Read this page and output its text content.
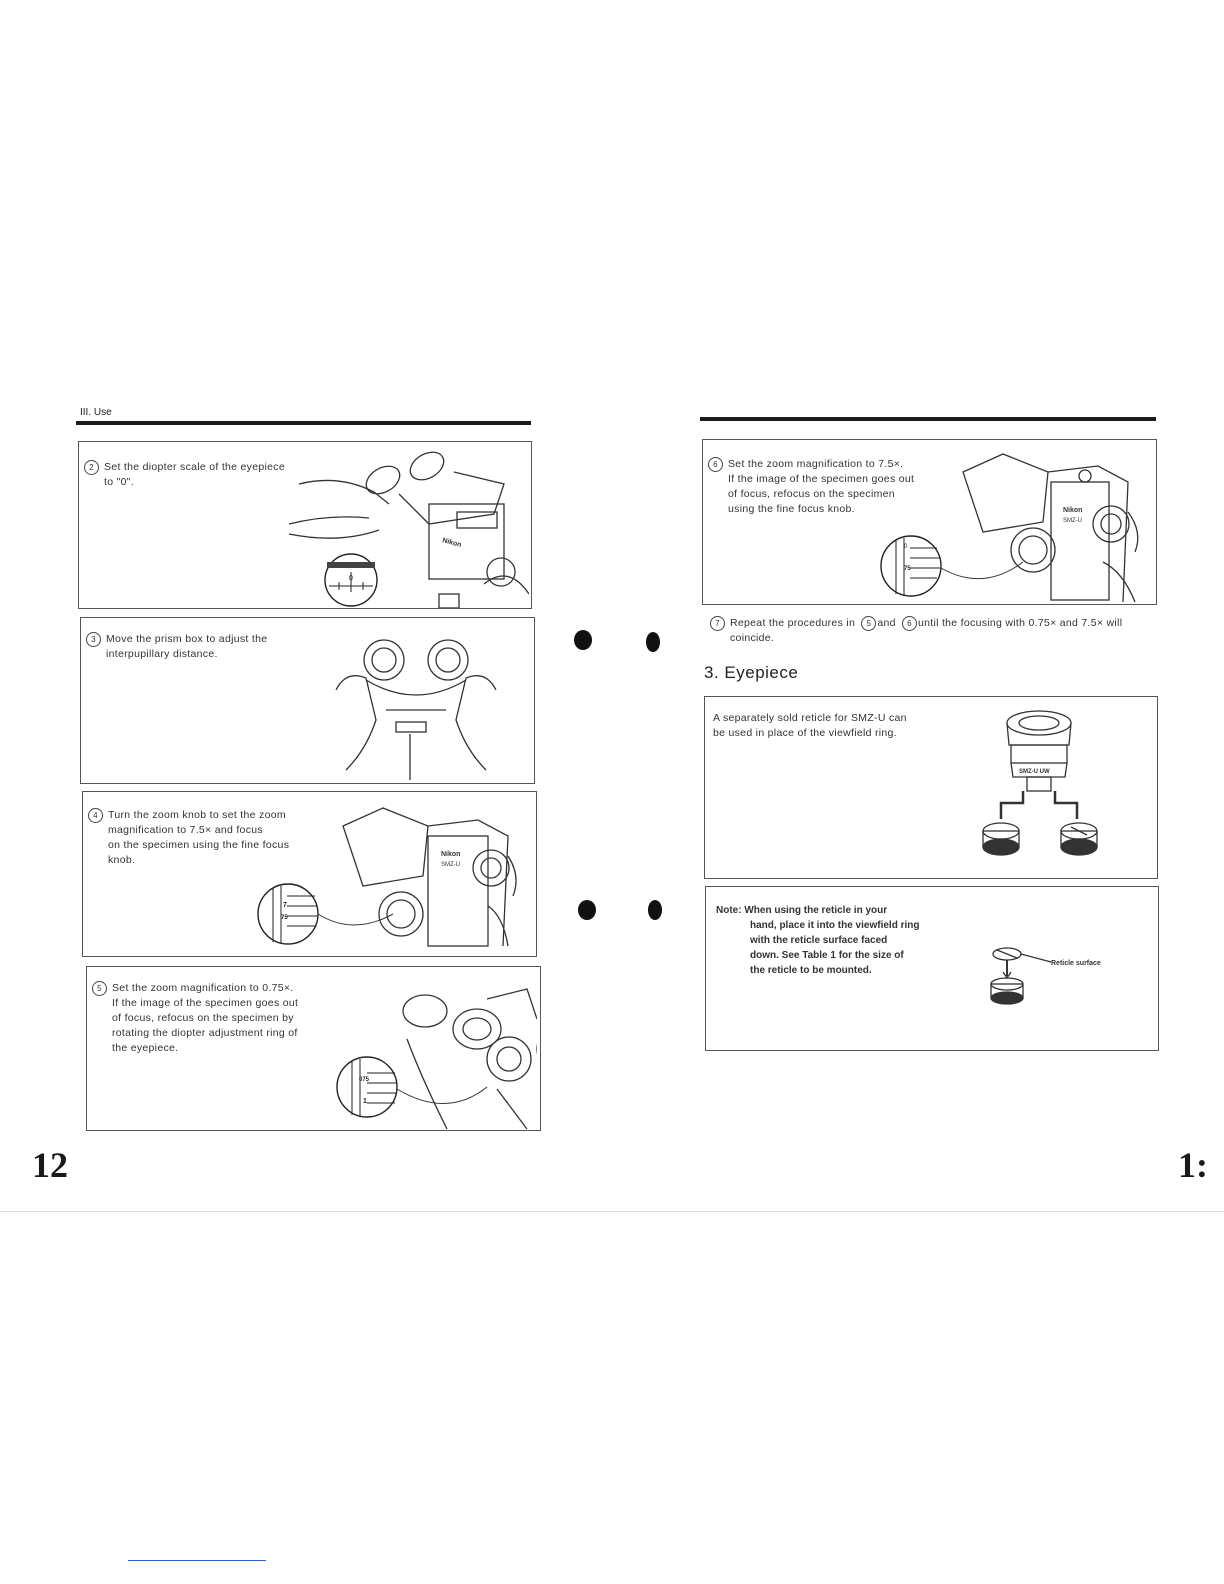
III. Use
2 Set the diopter scale of the eyepiece
to "0".
0
Nikon
3 Move the prism box to adjust the
interpupillary distance.
4 Turn the zoom knob to set the zoom
magnification to 7.5× and focus
on the specimen using the fine focus
knob.
7
75
Nikon
SMZ-U
5 Set the zoom magnification to 0.75×.
If the image of the specimen goes out
of focus, refocus on the specimen by
rotating the diopter adjustment ring of
the eyepiece.
075
1
12
6 Set the zoom magnification to 7.5×.
If the image of the specimen goes out
of focus, refocus on the specimen
using the fine focus knob.
0
75
Nikon
SMZ-U
7 Repeat the procedures in 5 and 6 until the focusing with 0.75× and 7.5× will
coincide.
3. Eyepiece
A separately sold reticle for SMZ-U can
be used in place of the viewfield ring.
SMZ-U UW
Note: When using the reticle in your
hand, place it into the viewfield ring
with the reticle surface faced
down. See Table 1 for the size of
the reticle to be mounted.
Reticle surface
1:
